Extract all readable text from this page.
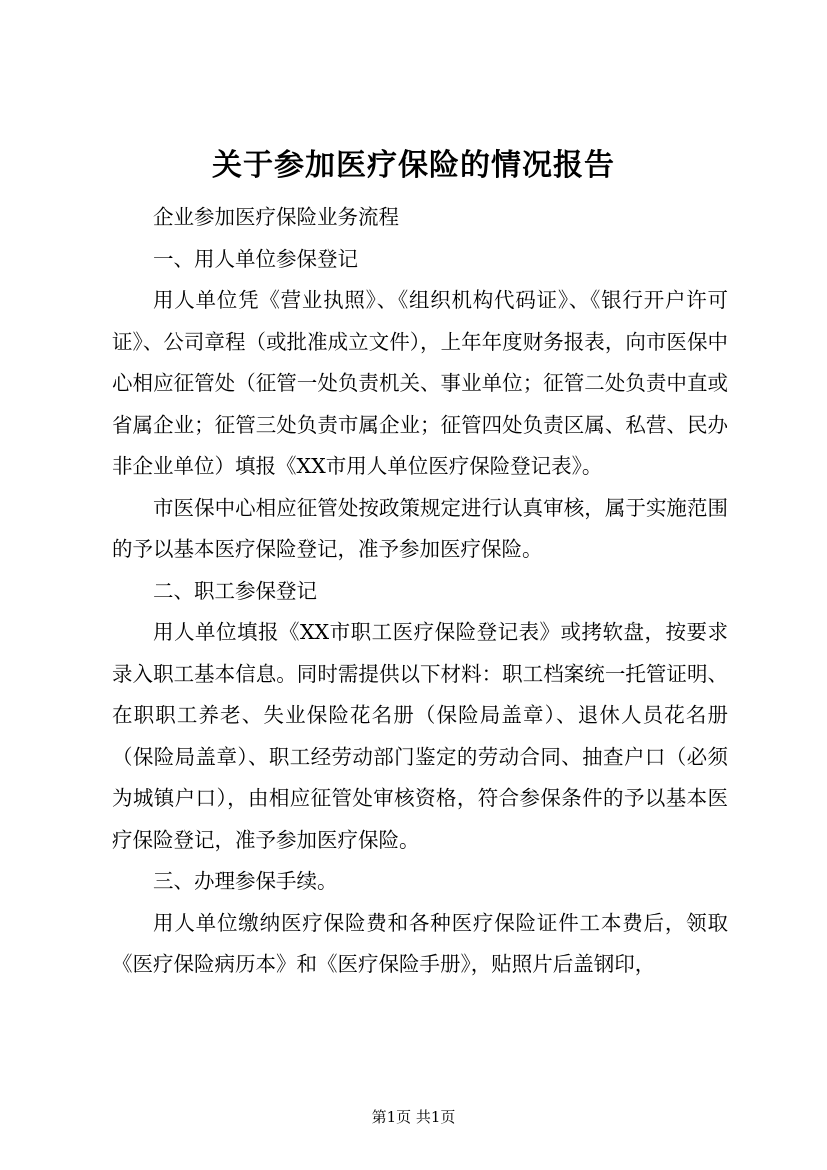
关于参加医疗保险的情况报告

企业参加医疗保险业务流程

一、用人单位参保登记

用人单位凭《营业执照》、《组织机构代码证》、《银行开户许可证》、公司章程（或批准成立文件），上年年度财务报表，向市医保中心相应征管处（征管一处负责机关、事业单位；征管二处负责中直或省属企业；征管三处负责市属企业；征管四处负责区属、私营、民办非企业单位）填报《XX市用人单位医疗保险登记表》。

市医保中心相应征管处按政策规定进行认真审核，属于实施范围的予以基本医疗保险登记，准予参加医疗保险。

二、职工参保登记

用人单位填报《XX市职工医疗保险登记表》或拷软盘，按要求录入职工基本信息。同时需提供以下材料：职工档案统一托管证明、在职职工养老、失业保险花名册（保险局盖章）、退休人员花名册（保险局盖章）、职工经劳动部门鉴定的劳动合同、抽查户口（必须为城镇户口），由相应征管处审核资格，符合参保条件的予以基本医疗保险登记，准予参加医疗保险。

三、办理参保手续。

用人单位缴纳医疗保险费和各种医疗保险证件工本费后，领取《医疗保险病历本》和《医疗保险手册》，贴照片后盖钢印，

第1页 共1页
